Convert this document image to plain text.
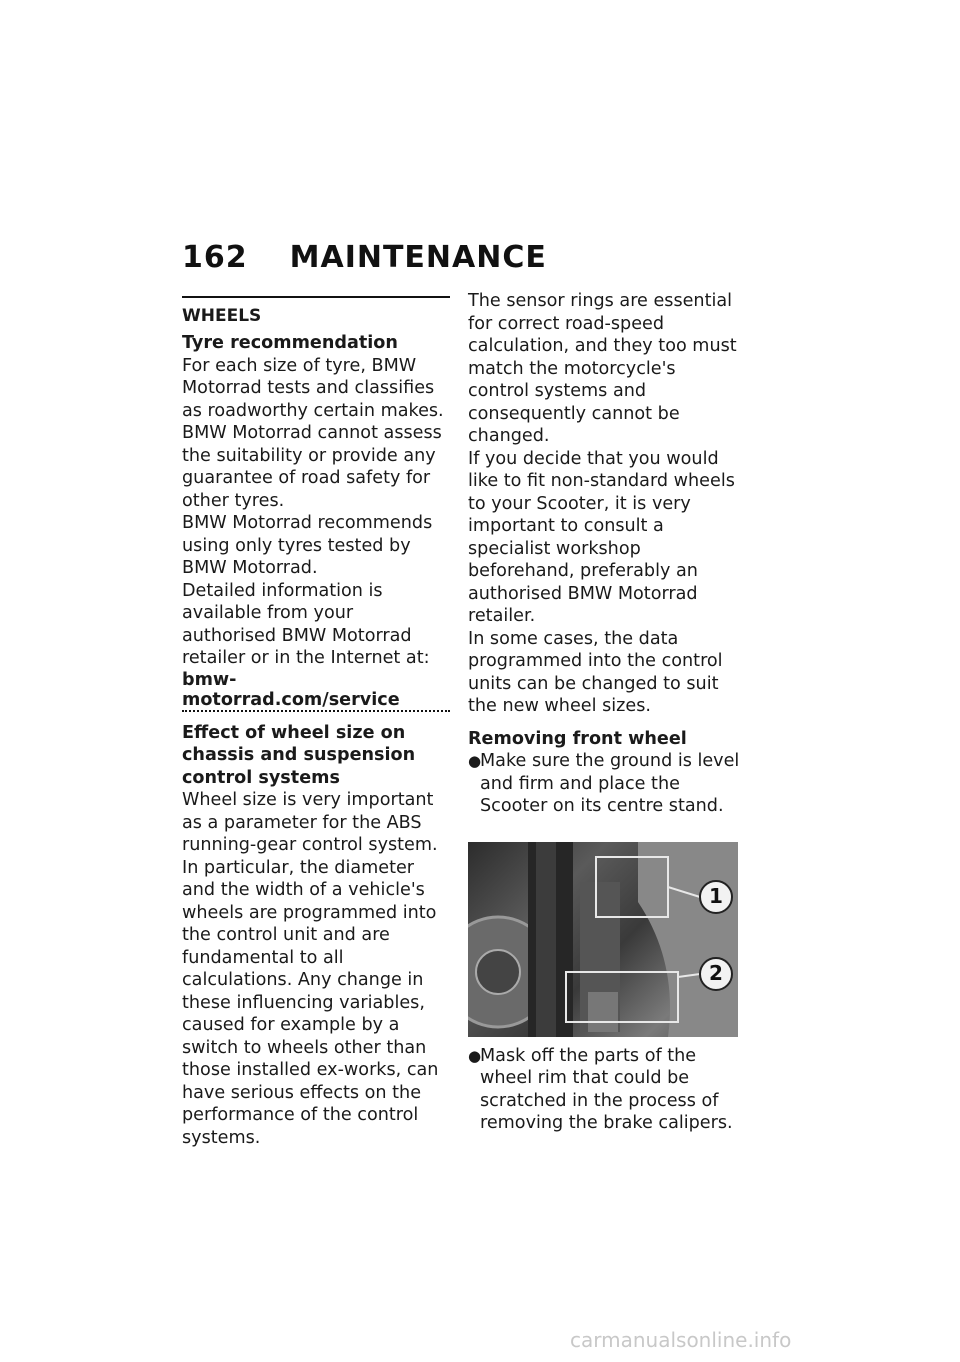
162 MAINTENANCE
WHEELS
Tyre recommendation

For each size of tyre, BMW Motorrad tests and classifies as roadworthy certain makes. BMW Motorrad cannot assess the suitability or provide any guarantee of road safety for other tyres.

BMW Motorrad recommends using only tyres tested by BMW Motorrad.

Detailed information is available from your authorised BMW Motorrad retailer or in the Internet at:

bmw-motorrad.com/service
Effect of wheel size on chassis and suspension control systems

Wheel size is very important as a parameter for the ABS running-gear control system. In particular, the diameter and the width of a vehicle's wheels are programmed into the control unit and are fundamental to all calculations. Any change in these influencing variables, caused for example by a switch to wheels other than those installed ex-works, can have serious effects on the performance of the control systems.

The sensor rings are essential for correct road-speed calculation, and they too must match the motorcycle's control systems and consequently cannot be changed.

If you decide that you would like to fit non-standard wheels to your Scooter, it is very important to consult a specialist workshop beforehand, preferably an authorised BMW Motorrad retailer.

In some cases, the data programmed into the control units can be changed to suit the new wheel sizes.

Removing front wheel
●
Make sure the ground is level and firm and place the Scooter on its centre stand.
1
2
●
Mask off the parts of the wheel rim that could be scratched in the process of removing the brake calipers.
carmanualsonline.info
